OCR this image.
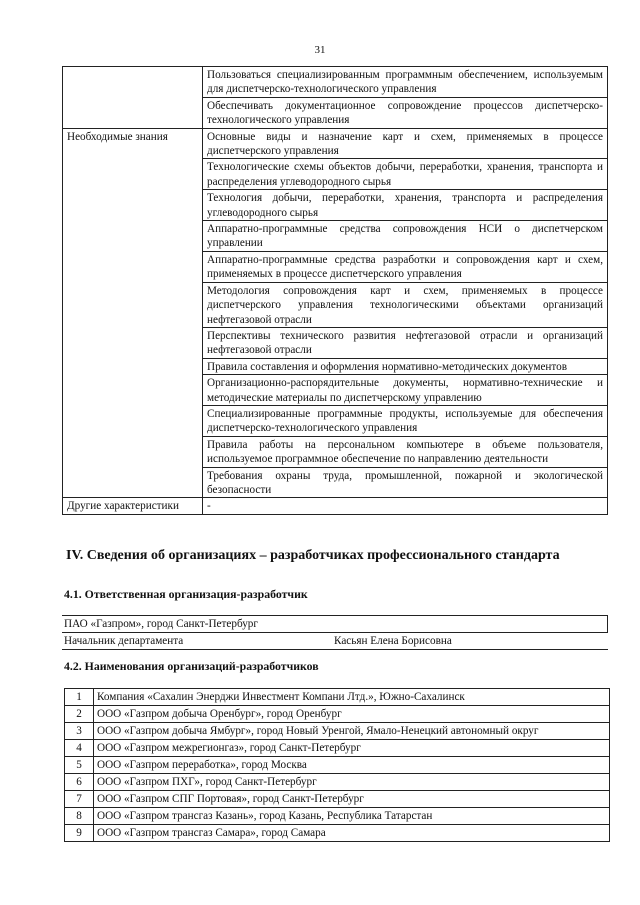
31
	Пользоваться специализированным программным обеспечением, используемым для диспетчерско-технологического управления
	Обеспечивать документационное сопровождение процессов диспетчерско-технологического управления
Необходимые знания	Основные виды и назначение карт и схем, применяемых в процессе диспетчерского управления
	Технологические схемы объектов добычи, переработки, хранения, транспорта и распределения углеводородного сырья
	Технология добычи, переработки, хранения, транспорта и распределения углеводородного сырья
	Аппаратно-программные средства сопровождения НСИ о диспетчерском управлении
	Аппаратно-программные средства разработки и сопровождения карт и схем, применяемых в процессе диспетчерского управления
	Методология сопровождения карт и схем, применяемых в процессе диспетчерского управления технологическими объектами организаций нефтегазовой отрасли
	Перспективы технического развития нефтегазовой отрасли и организаций нефтегазовой отрасли
	Правила составления и оформления нормативно-методических документов
	Организационно-распорядительные документы, нормативно-технические и методические материалы по диспетчерскому управлению
	Специализированные программные продукты, используемые для обеспечения диспетчерско-технологического управления
	Правила работы на персональном компьютере в объеме пользователя, используемое программное обеспечение по направлению деятельности
	Требования охраны труда, промышленной, пожарной и экологической безопасности
Другие характеристики	-
IV. Сведения об организациях – разработчиках профессионального стандарта
4.1. Ответственная организация-разработчик
ПАО «Газпром», город Санкт-Петербург
Начальник департамента	Касьян Елена Борисовна
4.2. Наименования организаций-разработчиков
1	Компания «Сахалин Энерджи Инвестмент Компани Лтд.», Южно-Сахалинск
2	ООО «Газпром добыча Оренбург», город Оренбург
3	ООО «Газпром добыча Ямбург», город Новый Уренгой, Ямало-Ненецкий автономный округ
4	ООО «Газпром межрегионгаз», город Санкт-Петербург
5	ООО «Газпром переработка», город Москва
6	ООО «Газпром ПХГ», город Санкт-Петербург
7	ООО «Газпром СПГ Портовая», город Санкт-Петербург
8	ООО «Газпром трансгаз Казань», город Казань, Республика Татарстан
9	ООО «Газпром трансгаз Самара», город Самара
